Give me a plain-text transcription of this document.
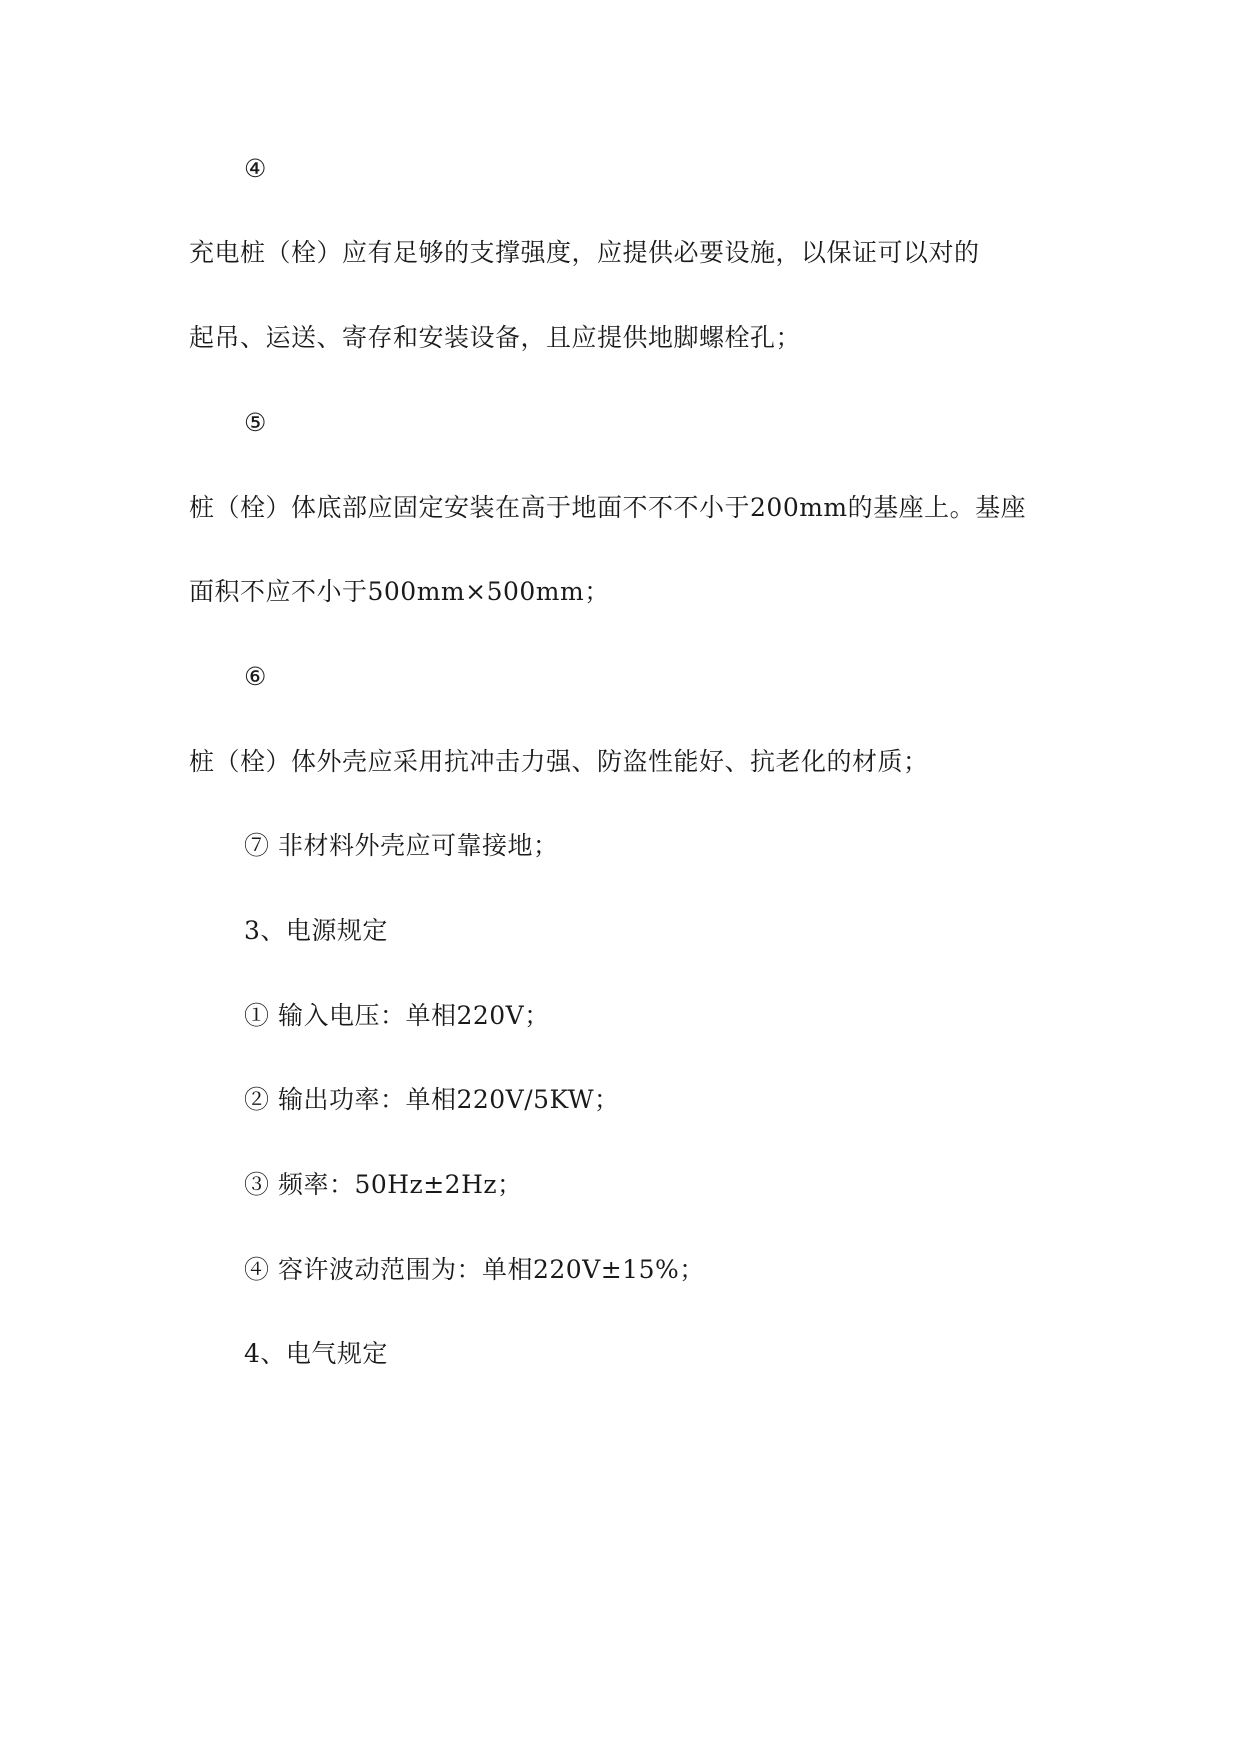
④
充电桩（栓）应有足够的支撑强度，应提供必要设施，以保证可以对的
起吊、运送、寄存和安装设备，且应提供地脚螺栓孔；
⑤
桩（栓）体底部应固定安装在高于地面不不不小于200mm的基座上。基座
面积不应不小于500mm×500mm；
⑥
桩（栓）体外壳应采用抗冲击力强、防盗性能好、抗老化的材质；
⑦ 非材料外壳应可靠接地；
3、电源规定
① 输入电压：单相220V；
② 输出功率：单相220V/5KW；
③ 频率：50Hz±2Hz；
④ 容许波动范围为：单相220V±15%；
4、电气规定
